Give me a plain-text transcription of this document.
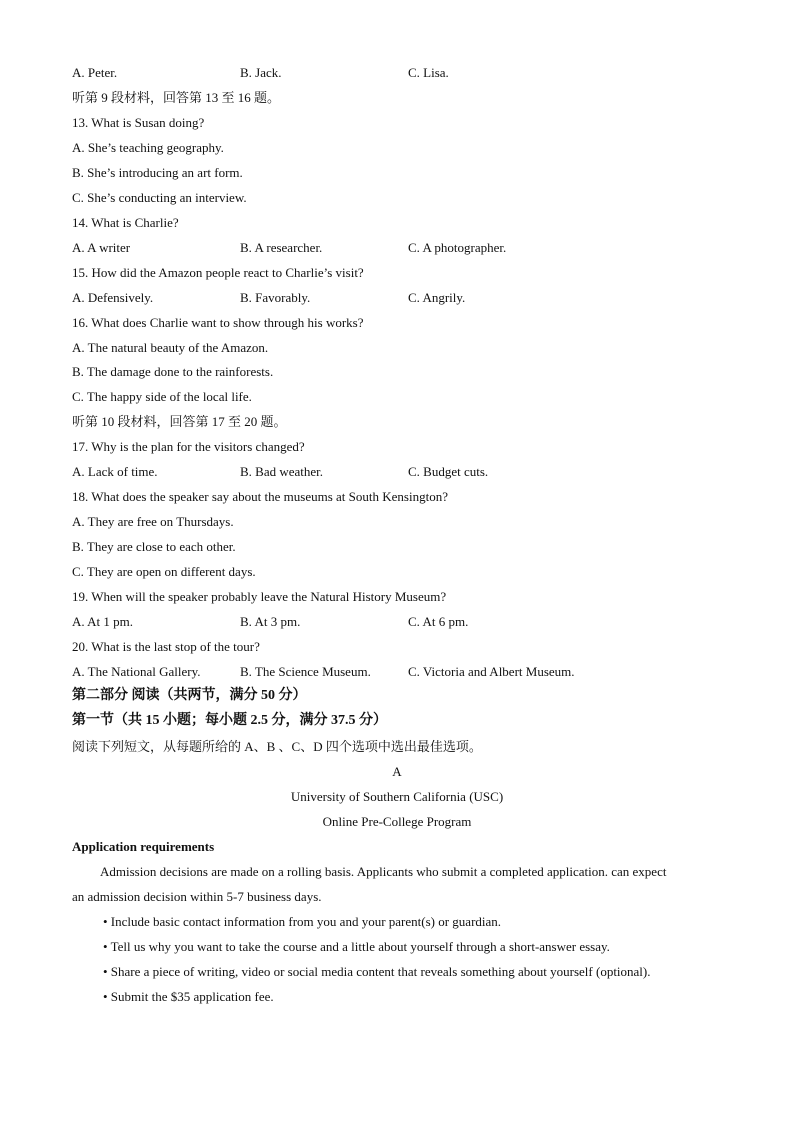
A. Peter.	B. Jack.	C. Lisa.
听第 9 段材料，回答第 13 至 16 题。
13. What is Susan doing?
A. She’s teaching geography.
B. She’s introducing an art form.
C. She’s conducting an interview.
14. What is Charlie?
A. A writer	B. A researcher.	C. A photographer.
15. How did the Amazon people react to Charlie’s visit?
A. Defensively.	B. Favorably.	C. Angrily.
16. What does Charlie want to show through his works?
A. The natural beauty of the Amazon.
B. The damage done to the rainforests.
C. The happy side of the local life.
听第 10 段材料，回答第 17 至 20 题。
17. Why is the plan for the visitors changed?
A. Lack of time.	B. Bad weather.	C. Budget cuts.
18. What does the speaker say about the museums at South Kensington?
A. They are free on Thursdays.
B. They are close to each other.
C. They are open on different days.
19. When will the speaker probably leave the Natural History Museum?
A. At 1 pm.	B. At 3 pm.	C. At 6 pm.
20. What is the last stop of the tour?
A. The National Gallery.	B. The Science Museum.	C. Victoria and Albert Museum.
第二部分 阅读（共两节，满分 50 分）
第一节（共 15 小题；每小题 2.5 分，满分 37.5 分）
阅读下列短文，从每题所给的 A、B 、C、D 四个选项中选出最佳选项。
A
University of Southern California (USC)
Online Pre-College Program
Application requirements
Admission decisions are made on a rolling basis. Applicants who submit a completed application. can expect
an admission decision within 5-7 business days.
• Include basic contact information from you and your parent(s) or guardian.
• Tell us why you want to take the course and a little about yourself through a short-answer essay.
• Share a piece of writing, video or social media content that reveals something about yourself (optional).
• Submit the $35 application fee.
